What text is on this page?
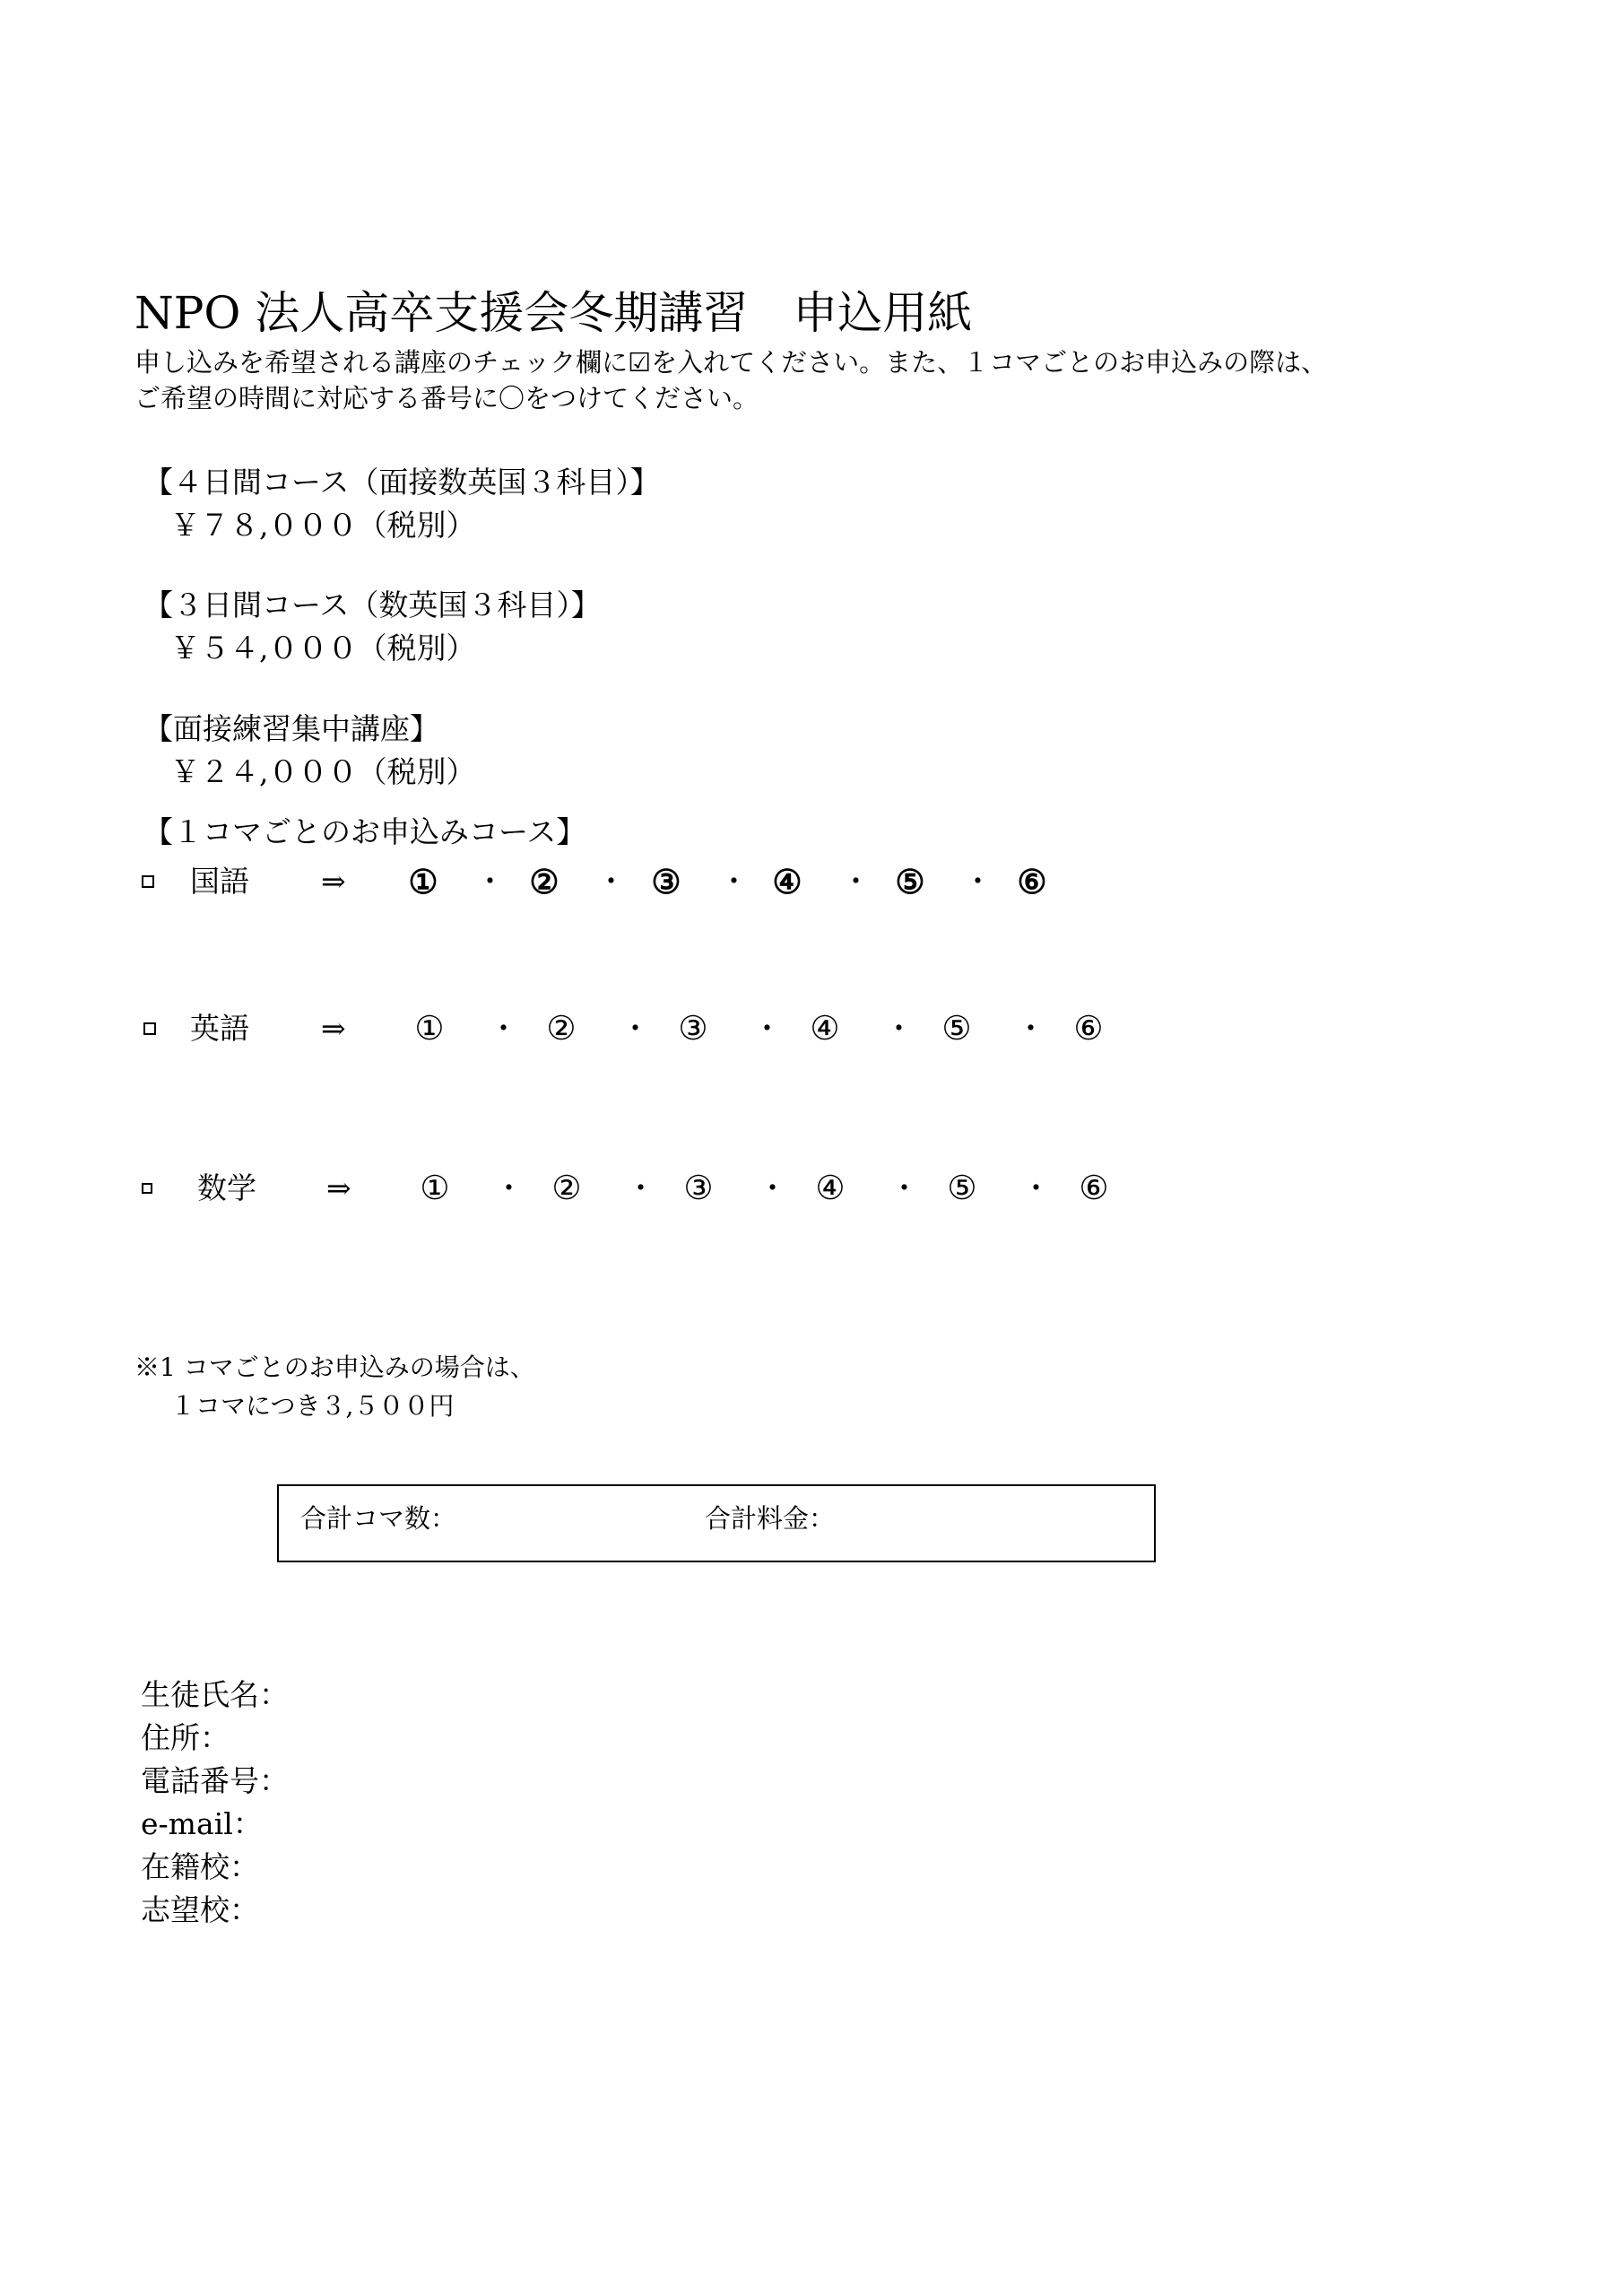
NPO 法人高卒支援会冬期講習　申込用紙
申し込みを希望される講座のチェック欄に☑を入れてください。また、１コマごとのお申込みの際は、
ご希望の時間に対応する番号に〇をつけてください。
【４日間コース（面接数英国３科目）】
￥７８,０００（税別）
【３日間コース（数英国３科目）】
￥５４,０００（税別）
【面接練習集中講座】
￥２４,０００（税別）
【１コマごとのお申込みコース】
国語 ⇒ ① ・ ② ・ ③ ・ ④ ・ ⑤ ・ ⑥
英語 ⇒ ① ・ ② ・ ③ ・ ④ ・ ⑤ ・ ⑥
数学 ⇒ ① ・ ② ・ ③ ・ ④ ・ ⑤ ・ ⑥
※1 コマごとのお申込みの場合は、
１コマにつき３,５００円
合計コマ数：	合計料金：
生徒氏名：
住所：
電話番号：
e-mail：
在籍校：
志望校：
